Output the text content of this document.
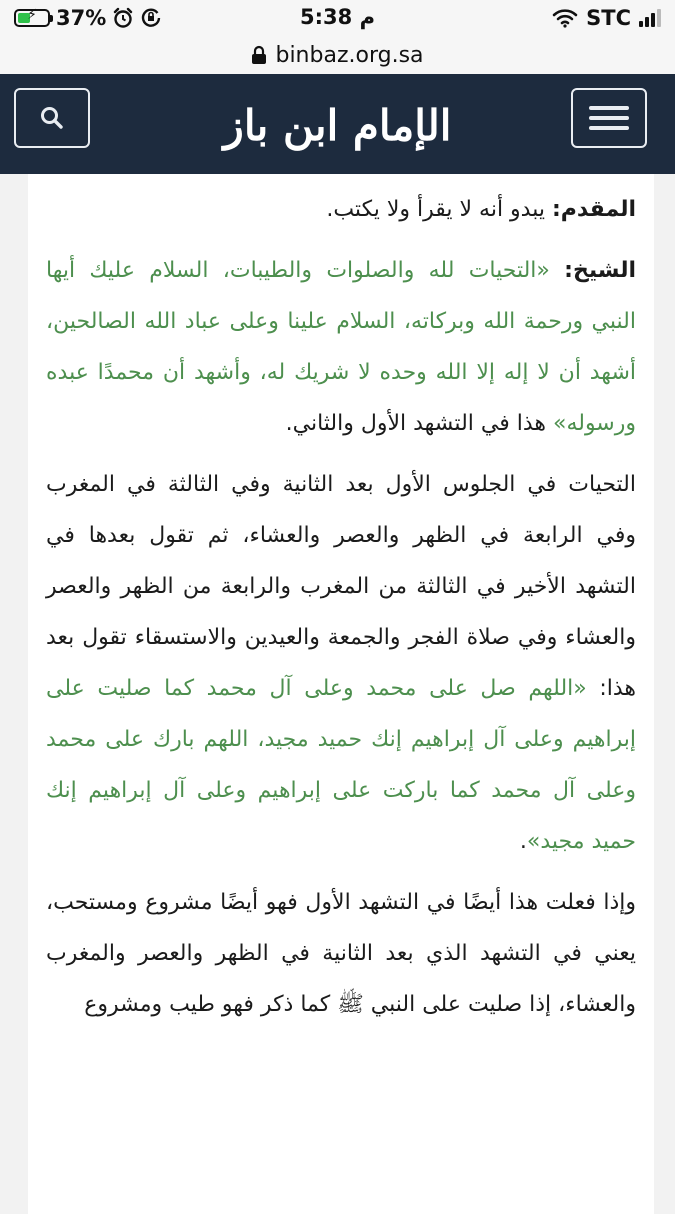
⚡ 37%	5:38 م	STC
binbaz.org.sa
الإمام ابن باز

المقدم: يبدو أنه لا يقرأ ولا يكتب.

الشيخ: «التحيات لله والصلوات والطيبات، السلام عليك أيها النبي ورحمة الله وبركاته، السلام علينا وعلى عباد الله الصالحين، أشهد أن لا إله إلا الله وحده لا شريك له، وأشهد أن محمدًا عبده ورسوله» هذا في التشهد الأول والثاني.

التحيات في الجلوس الأول بعد الثانية وفي الثالثة في المغرب وفي الرابعة في الظهر والعصر والعشاء، ثم تقول بعدها في التشهد الأخير في الثالثة من المغرب والرابعة من الظهر والعصر والعشاء وفي صلاة الفجر والجمعة والعيدين والاستسقاء تقول بعد هذا: «اللهم صل على محمد وعلى آل محمد كما صليت على إبراهيم وعلى آل إبراهيم إنك حميد مجيد، اللهم بارك على محمد وعلى آل محمد كما باركت على إبراهيم وعلى آل إبراهيم إنك حميد مجيد».

وإذا فعلت هذا أيضًا في التشهد الأول فهو أيضًا مشروع ومستحب، يعني في التشهد الذي بعد الثانية في الظهر والعصر والمغرب والعشاء، إذا صليت على النبي ﷺ كما ذكر فهو طيب ومشروع
